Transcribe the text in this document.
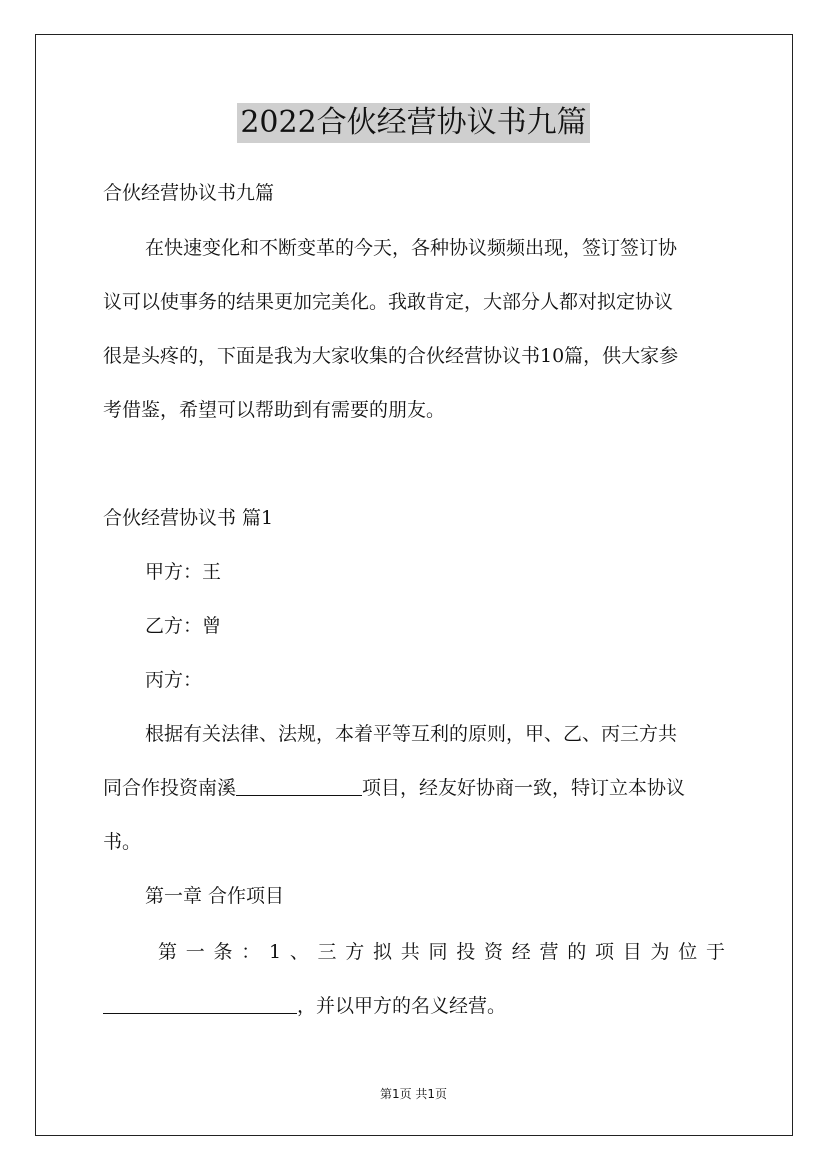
2022合伙经营协议书九篇
合伙经营协议书九篇
在快速变化和不断变革的今天，各种协议频频出现，签订签订协
议可以使事务的结果更加完美化。我敢肯定，大部分人都对拟定协议
很是头疼的，下面是我为大家收集的合伙经营协议书10篇，供大家参
考借鉴，希望可以帮助到有需要的朋友。
合伙经营协议书 篇1
甲方：王
乙方：曾
丙方：
根据有关法律、法规，本着平等互利的原则，甲、乙、丙三方共
同合作投资南溪	项目，经友好协商一致，特订立本协议
书。
第一章 合作项目
第一条：1、三方拟共同投资经营的项目为位于
，并以甲方的名义经营。
第1页 共1页
